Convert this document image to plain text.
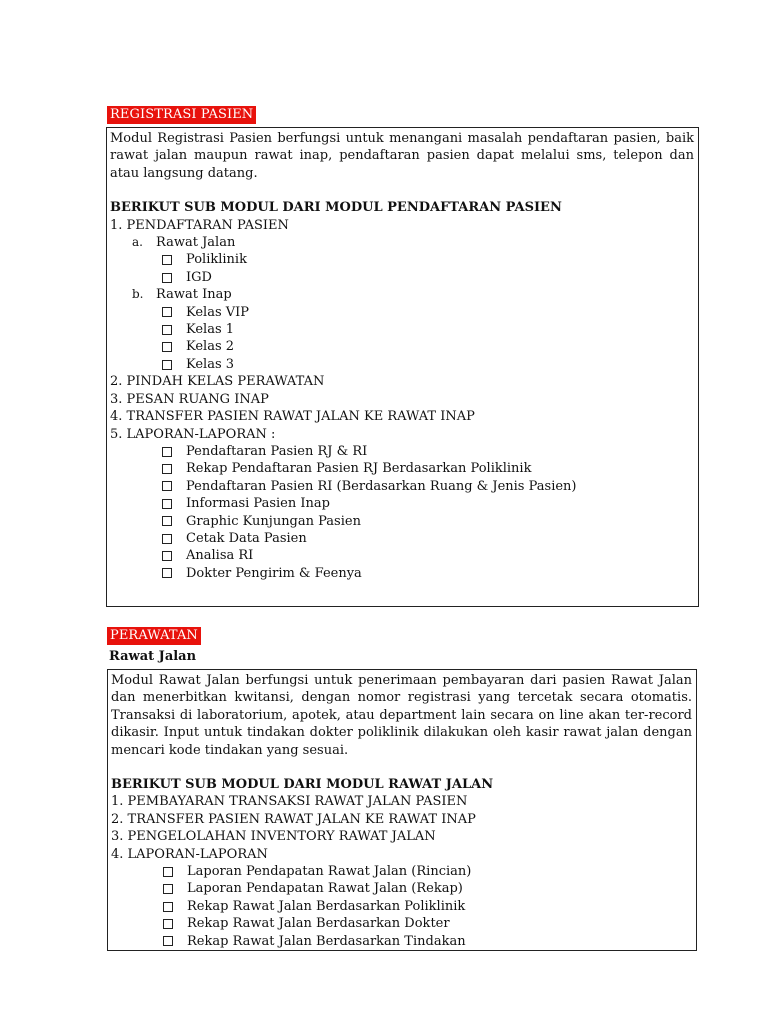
REGISTRASI PASIEN

Modul Registrasi Pasien berfungsi untuk menangani masalah pendaftaran pasien, baik rawat jalan maupun rawat inap, pendaftaran pasien dapat melalui sms, telepon dan atau langsung datang.

BERIKUT SUB MODUL DARI MODUL PENDAFTARAN PASIEN
1. PENDAFTARAN PASIEN
a. Rawat Jalan
Poliklinik
IGD
b. Rawat Inap
Kelas VIP
Kelas 1
Kelas 2
Kelas 3
2. PINDAH KELAS PERAWATAN
3. PESAN RUANG INAP
4. TRANSFER PASIEN RAWAT JALAN KE RAWAT INAP
5. LAPORAN-LAPORAN :
Pendaftaran Pasien RJ & RI
Rekap Pendaftaran Pasien RJ Berdasarkan Poliklinik
Pendaftaran Pasien RI (Berdasarkan Ruang & Jenis Pasien)
Informasi Pasien Inap
Graphic Kunjungan Pasien
Cetak Data Pasien
Analisa RI
Dokter Pengirim & Feenya
PERAWATAN
Rawat Jalan

Modul Rawat Jalan berfungsi untuk penerimaan pembayaran dari pasien Rawat Jalan dan menerbitkan kwitansi, dengan nomor registrasi yang tercetak secara otomatis. Transaksi di laboratorium, apotek, atau department lain secara on line akan ter-record dikasir. Input untuk tindakan dokter poliklinik dilakukan oleh kasir rawat jalan dengan mencari kode tindakan yang sesuai.

BERIKUT SUB MODUL DARI MODUL RAWAT JALAN
1. PEMBAYARAN TRANSAKSI RAWAT JALAN PASIEN
2. TRANSFER PASIEN RAWAT JALAN KE RAWAT INAP
3. PENGELOLAHAN INVENTORY RAWAT JALAN
4. LAPORAN-LAPORAN
Laporan Pendapatan Rawat Jalan (Rincian)
Laporan Pendapatan Rawat Jalan (Rekap)
Rekap Rawat Jalan Berdasarkan Poliklinik
Rekap Rawat Jalan Berdasarkan Dokter
Rekap Rawat Jalan Berdasarkan Tindakan
